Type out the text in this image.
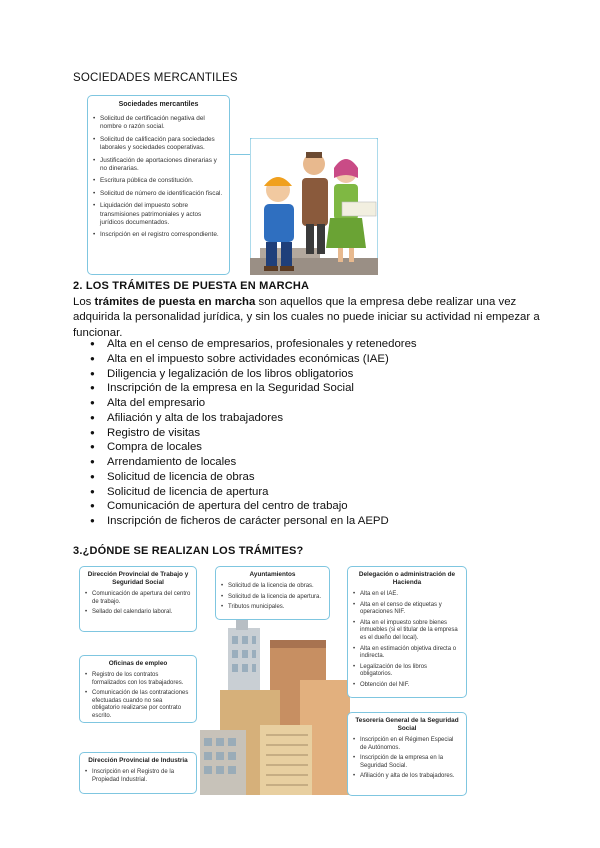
SOCIEDADES MERCANTILES
Sociedades mercantiles
• Solicitud de certificación negativa del nombre o razón social.
• Solicitud de calificación para sociedades laborales y sociedades cooperativas.
• Justificación de aportaciones dinerarias y no dinerarias.
• Escritura pública de constitución.
• Solicitud de número de identificación fiscal.
• Liquidación del impuesto sobre transmisiones patrimoniales y actos jurídicos documentados.
• Inscripción en el registro correspondiente.
2. LOS TRÁMITES DE PUESTA EN MARCHA
Los trámites de puesta en marcha son aquellos que la empresa debe realizar una vez adquirida la personalidad jurídica, y sin los cuales no puede iniciar su actividad ni empezar a funcionar.
● Alta en el censo de empresarios, profesionales y retenedores
● Alta en el impuesto sobre actividades económicas (IAE)
● Diligencia y legalización de los libros obligatorios
● Inscripción de la empresa en la Seguridad Social
● Alta del empresario
● Afiliación y alta de los trabajadores
● Registro de visitas
● Compra de locales
● Arrendamiento de locales
● Solicitud de licencia de obras
● Solicitud de licencia de apertura
● Comunicación de apertura del centro de trabajo
● Inscripción de ficheros de carácter personal en la AEPD
3.¿DÓNDE SE REALIZAN LOS TRÁMITES?
Dirección Provincial de Trabajo y Seguridad Social
• Comunicación de apertura del centro de trabajo.
• Sellado del calendario laboral.
Ayuntamientos
• Solicitud de la licencia de obras.
• Solicitud de la licencia de apertura.
• Tributos municipales.
Delegación o administración de Hacienda
• Alta en el IAE.
• Alta en el censo de etiquetas y operaciones NIF.
• Alta en el impuesto sobre bienes inmuebles (si el titular de la empresa es el dueño del local).
• Alta en estimación objetiva directa o indirecta.
• Legalización de los libros obligatorios.
• Obtención del NIF.
Oficinas de empleo
• Registro de los contratos formalizados con los trabajadores.
• Comunicación de las contrataciones efectuadas cuando no sea obligatorio realizarse por contrato escrito.
Tesorería General de la Seguridad Social
• Inscripción en el Régimen Especial de Autónomos.
• Inscripción de la empresa en la Seguridad Social.
• Afiliación y alta de los trabajadores.
Dirección Provincial de Industria
• Inscripción en el Registro de la Propiedad Industrial.
